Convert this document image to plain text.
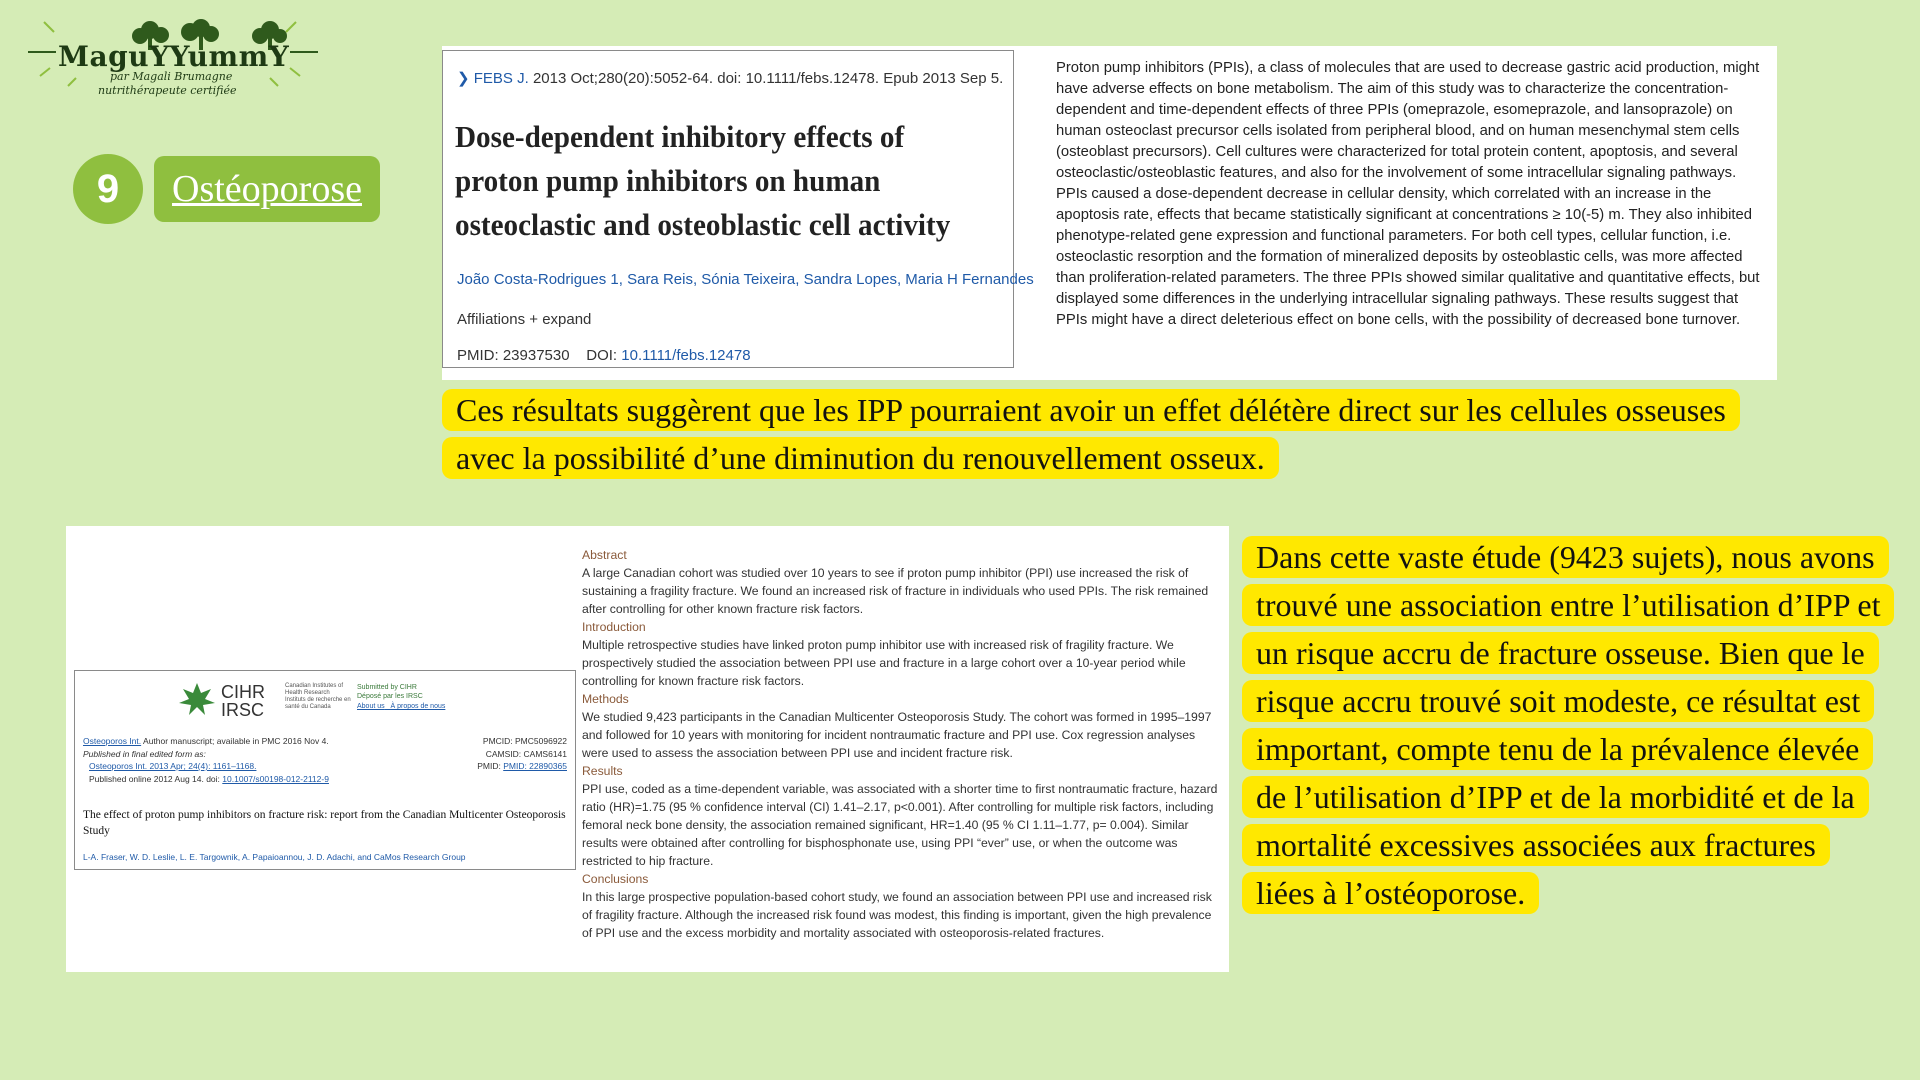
MaguYYummY
par Magali Brumagne
nutrithérapeute certifiée
9	Ostéoporose
❯ FEBS J. 2013 Oct;280(20):5052-64. doi: 10.1111/febs.12478. Epub 2013 Sep 5.
Dose-dependent inhibitory effects of proton pump inhibitors on human osteoclastic and osteoblastic cell activity
João Costa-Rodrigues 1, Sara Reis, Sónia Teixeira, Sandra Lopes, Maria H Fernandes
Affiliations + expand
PMID: 23937530 DOI: 10.1111/febs.12478
Proton pump inhibitors (PPIs), a class of molecules that are used to decrease gastric acid production, might have adverse effects on bone metabolism. The aim of this study was to characterize the concentration-dependent and time-dependent effects of three PPIs (omeprazole, esomeprazole, and lansoprazole) on human osteoclast precursor cells isolated from peripheral blood, and on human mesenchymal stem cells (osteoblast precursors). Cell cultures were characterized for total protein content, apoptosis, and several osteoclastic/osteoblastic features, and also for the involvement of some intracellular signaling pathways. PPIs caused a dose-dependent decrease in cellular density, which correlated with an increase in the apoptosis rate, effects that became statistically significant at concentrations ≥ 10(-5) m. They also inhibited phenotype-related gene expression and functional parameters. For both cell types, cellular function, i.e. osteoclastic resorption and the formation of mineralized deposits by osteoblastic cells, was more affected than proliferation-related parameters. The three PPIs showed similar qualitative and quantitative effects, but displayed some differences in the underlying intracellular signaling pathways. These results suggest that PPIs might have a direct deleterious effect on bone cells, with the possibility of decreased bone turnover.
Ces résultats suggèrent que les IPP pourraient avoir un effet délétère direct sur les cellules osseuses avec la possibilité d’une diminution du renouvellement osseux.
CIHR
IRSC
Canadian Institutes of Health Research
Instituts de recherche en santé du Canada
Submitted by CIHR
Déposé par les IRSC
About us À propos de nous
Osteoporos Int. Author manuscript; available in PMC 2016 Nov 4.	PMCID: PMC5096922
Published in final edited form as:	CAMSID: CAMS6141
Osteoporos Int. 2013 Apr; 24(4): 1161–1168.	PMID: PMID: 22890365
Published online 2012 Aug 14. doi: 10.1007/s00198-012-2112-9
The effect of proton pump inhibitors on fracture risk: report from the Canadian Multicenter Osteoporosis Study
L-A. Fraser, W. D. Leslie, L. E. Targownik, A. Papaioannou, J. D. Adachi, and CaMos Research Group
Abstract
A large Canadian cohort was studied over 10 years to see if proton pump inhibitor (PPI) use increased the risk of sustaining a fragility fracture. We found an increased risk of fracture in individuals who used PPIs. The risk remained after controlling for other known fracture risk factors.
Introduction
Multiple retrospective studies have linked proton pump inhibitor use with increased risk of fragility fracture. We prospectively studied the association between PPI use and fracture in a large cohort over a 10-year period while controlling for known fracture risk factors.
Methods
We studied 9,423 participants in the Canadian Multicenter Osteoporosis Study. The cohort was formed in 1995–1997 and followed for 10 years with monitoring for incident nontraumatic fracture and PPI use. Cox regression analyses were used to assess the association between PPI use and incident fracture risk.
Results
PPI use, coded as a time-dependent variable, was associated with a shorter time to first nontraumatic fracture, hazard ratio (HR)=1.75 (95 % confidence interval (CI) 1.41–2.17, p<0.001). After controlling for multiple risk factors, including femoral neck bone density, the association remained significant, HR=1.40 (95 % CI 1.11–1.77, p= 0.004). Similar results were obtained after controlling for bisphosphonate use, using PPI “ever” use, or when the outcome was restricted to hip fracture.
Conclusions
In this large prospective population-based cohort study, we found an association between PPI use and increased risk of fragility fracture. Although the increased risk found was modest, this finding is important, given the high prevalence of PPI use and the excess morbidity and mortality associated with osteoporosis-related fractures.
Dans cette vaste étude (9423 sujets), nous avons trouvé une association entre l’utilisation d’IPP et un risque accru de fracture osseuse. Bien que le risque accru trouvé soit modeste, ce résultat est important, compte tenu de la prévalence élevée de l’utilisation d’IPP et de la morbidité et de la mortalité excessives associées aux fractures liées à l’ostéoporose.
